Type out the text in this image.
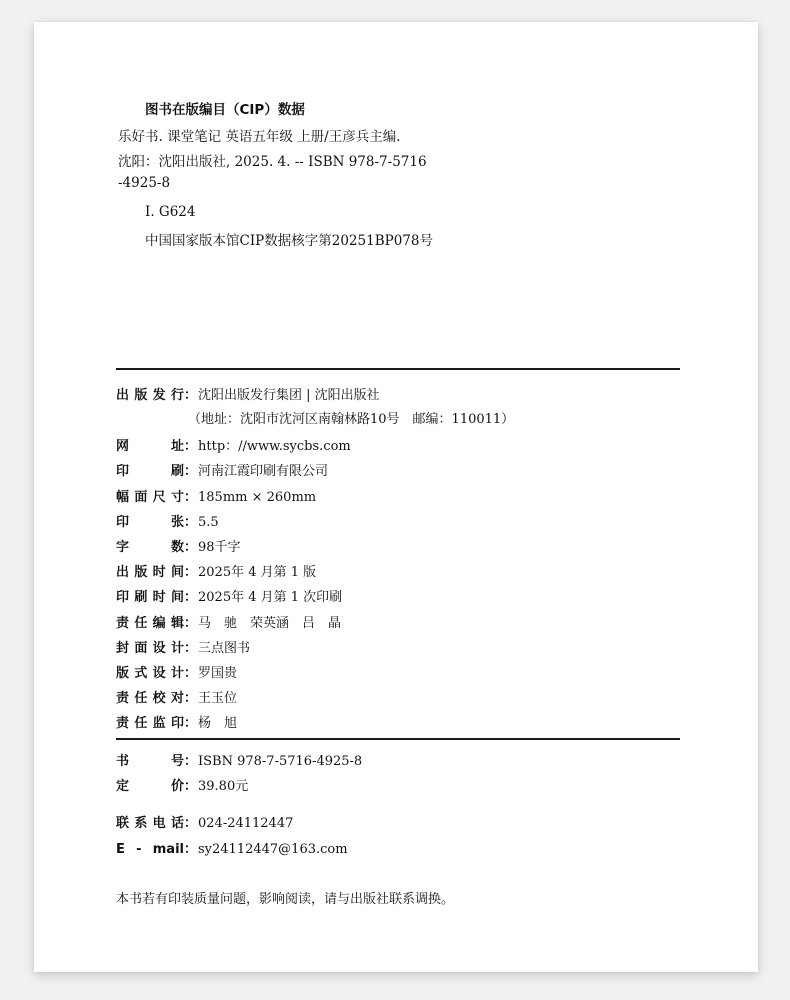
图书在版编目（CIP）数据
乐好书. 课堂笔记 英语五年级 上册/王彦兵主编.
沈阳：沈阳出版社, 2025. 4. -- ISBN 978-7-5716
-4925-8
Ⅰ. G624
中国国家版本馆CIP数据核字第20251BP078号
出版发行：沈阳出版发行集团 | 沈阳出版社
（地址：沈阳市沈河区南翰林路10号　邮编：110011）
网　　址：http：//www.sycbs.com
印　　刷：河南江霞印刷有限公司
幅面尺寸：185mm × 260mm
印　　张：5.5
字　　数：98千字
出版时间：2025年 4 月第 1 版
印刷时间：2025年 4 月第 1 次印刷
责任编辑：马　驰　荣英涵　吕　晶
封面设计：三点图书
版式设计：罗国贵
责任校对：王玉位
责任监印：杨　旭
书　　号：ISBN 978-7-5716-4925-8
定　　价：39.80元
联系电话：024-24112447
E - mail：sy24112447@163.com
本书若有印装质量问题，影响阅读，请与出版社联系调换。
